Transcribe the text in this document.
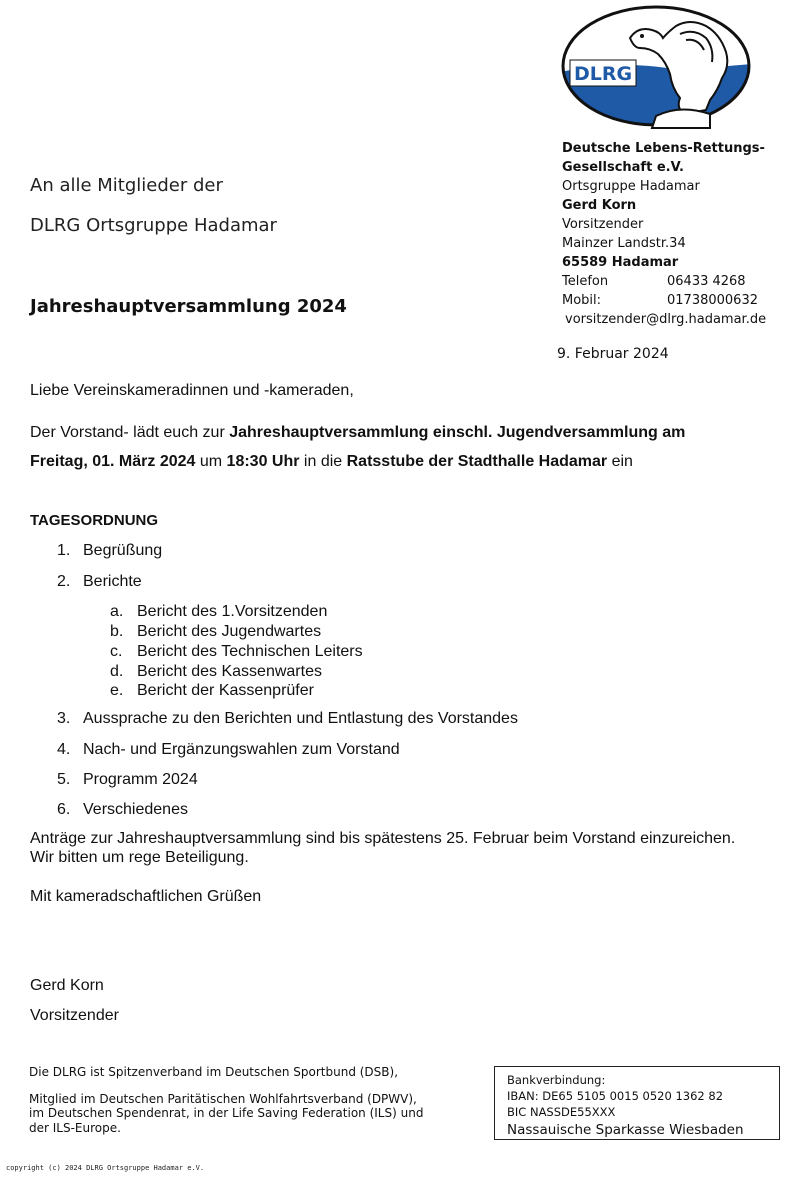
DLRG
Deutsche Lebens-Rettungs-
Gesellschaft e.V.
Ortsgruppe Hadamar
Gerd Korn
Vorsitzender
Mainzer Landstr.34
65589 Hadamar
Telefon	06433 4268
Mobil:	01738000632
vorsitzender@dlrg.hadamar.de
An alle Mitglieder der
DLRG Ortsgruppe Hadamar
Jahreshauptversammlung 2024
9. Februar 2024
Liebe Vereinskameradinnen und -kameraden,
Der Vorstand- lädt euch zur Jahreshauptversammlung einschl. Jugendversammlung am
Freitag, 01. März 2024 um 18:30 Uhr in die Ratsstube der Stadthalle Hadamar ein
TAGESORDNUNG
1. Begrüßung
2. Berichte
a. Bericht des 1.Vorsitzenden
b. Bericht des Jugendwartes
c. Bericht des Technischen Leiters
d. Bericht des Kassenwartes
e. Bericht der Kassenprüfer
3. Aussprache zu den Berichten und Entlastung des Vorstandes
4. Nach- und Ergänzungswahlen zum Vorstand
5. Programm 2024
6. Verschiedenes
Anträge zur Jahreshauptversammlung sind bis spätestens 25. Februar beim Vorstand einzureichen.
Wir bitten um rege Beteiligung.
Mit kameradschaftlichen Grüßen
Gerd Korn
Vorsitzender
Die DLRG ist Spitzenverband im Deutschen Sportbund (DSB),
Mitglied im Deutschen Paritätischen Wohlfahrtsverband (DPWV),
im Deutschen Spendenrat, in der Life Saving Federation (ILS) und
der ILS-Europe.
Bankverbindung:
IBAN: DE65 5105 0015 0520 1362 82
BIC NASSDE55XXX
Nassauische Sparkasse Wiesbaden
copyright (c) 2024 DLRG Ortsgruppe Hadamar e.V.
